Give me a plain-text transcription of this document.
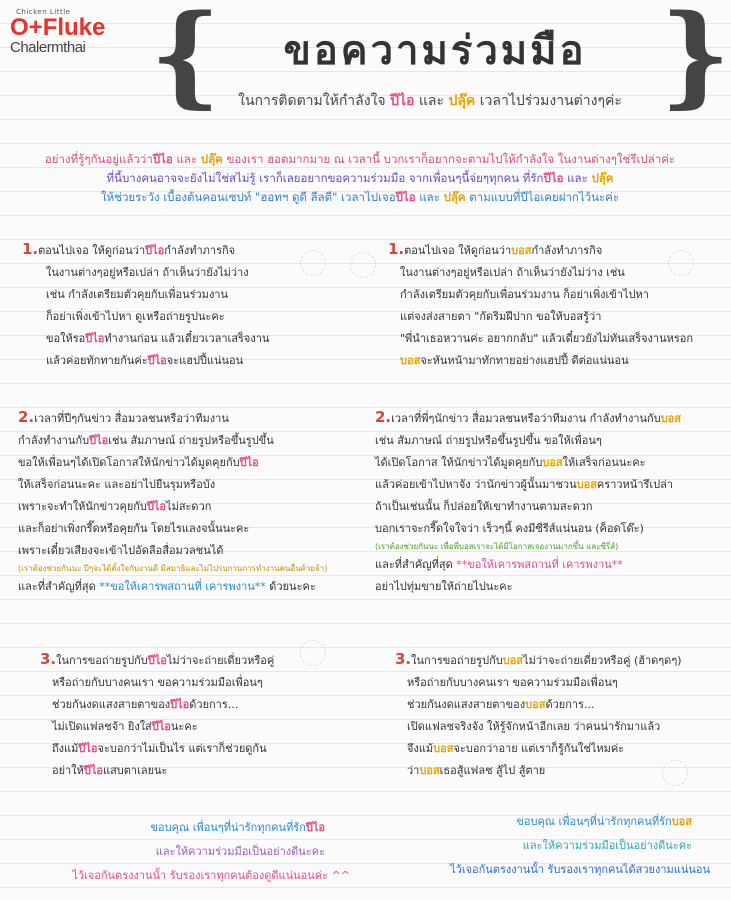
Chicken Little
O+Fluke
Chalermthai {	}
ขอความร่วมมือ
ในการติดตามให้กำลังใจ ปีไอ และ ปลุ๊ค เวลาไปร่วมงานต่างๆค่ะ
อย่างที่รู้ๆกันอยู่แล้วว่าปีไอ และ ปลุ๊ค ของเรา ฮอตมากมาย ณ เวลานี้ บวกเราก็อยากจะตามไปให้กำลังใจ ในงานต่างๆใช่รึเปล่าค่ะ
ที่นี้บางคนอาจจะยังไม่ใช่สไม่รู้ เราก็เลยอยากขอความร่วมมือ จากเพื่อนๆนี้จ่ยๆทุกคน ที่รักปีไอ และ ปลุ๊ค
ให้ช่วยระวัง เบื้องต้นคอนเซปท์ "ฮอทฯ ดูดี ลีลตี" เวลาไปเจอปีไอ และ ปลุ๊ค ตามแบบที่ปีไอเคยฝากไว้นะค่ะ
1.ตอนไปเจอ ให้ดูก่อนว่าปีไอกำลังทำภารกิจ
ในงานต่างๆอยู่หรือเปล่า ถ้าเห็นว่ายังไม่ว่าง
เช่น กำลังเตรียมตัวคุยกับเพื่อนร่วมงาน
ก็อย่าเพิ่งเข้าไปหา ดูเหรือถ่ายรูปนะคะ
ขอให้รอปีไอทำงานก่อน แล้วเดี๋ยวเวลาเสร็จงาน
แล้วค่อยทักทายกันค่ะปีไอจะแฮปปี้แน่นอน
2.เวลาที่ปีๆกันข่าว สื่อมวลชนหรือว่าทีมงาน
กำลังทำงานกับปีไอเช่น สัมภาษณ์ ถ่ายรูปหรือขึ้นรูปขึ้น
ขอให้เพื่อนๆได้เปิดโอกาสให้นักข่าวได้มูดคุยกับปีไอ
ให้เสร็จก่อนนะคะ และอย่าไปยืนรุมหรือบัง
เพราะจะทำให้นักข่าวคุยกับปีไอไม่สะดวก
และก็อย่าเพิ่งกรี๊ดหรือคุยกัน โดยไรแลงจนั้นนะคะ
เพราะเดี๋ยวเสียงจะเข้าไปอัดลือสื่อมวลชนได้
(เราต้องช่วยกันนะ ปีๆจะได้ตั้งใจกับงานดี มีสมาธิและไม่ไปรบกวนการทำงานคนอื่นด้วยจ้า)
และที่สำคัญที่สุด **ขอให้เคารพสถานที่ เคารพงาน** ด้วยนะคะ
3.ในการขอถ่ายรูปกับปีไอไม่ว่าจะถ่ายเดี่ยวหรือคู่
หรือถ่ายกับบางคนเรา ขอความร่วมมือเพื่อนๆ
ช่วยกันงดแสงสายตาของปีไอด้วยการ...
ไม่เปิดแฟลชจ้า ยิงใส่ปีไอนะคะ
ถึงแม้ปีไอจะบอกว่าไม่เป็นไร แต่เราก็ช่วยดูกัน
อย่าให้ปีไอแสบตาเลยนะ
ขอบคุณ เพื่อนๆที่น่ารักทุกคนที่รักปีไอ
และให้ความร่วมมือเป็นอย่างดีนะคะ
ไว้เจอกันตรงงานนั้า รับรองเราทุกคนต้องดูดีแน่นอนค่ะ ^^
1.ตอนไปเจอ ให้ดูก่อนว่าบอสกำลังทำภารกิจ
ในงานต่างๆอยู่หรือเปล่า ถ้าเห็นว่ายังไม่ว่าง เช่น
กำลังเตรียมตัวคุยกับเพื่อนร่วมงาน ก็อย่าเพิ่งเข้าไปหา
แต่จงส่งสายตา "กัดริมฝีปาก ขอให้บอสรู้ว่า
"พี่นำเธอหวานค่ะ อยากกลับ" แล้วเดี๋ยวยังไม่ทันเสร็จงานหรอก
บอสจะหันหน้ามาทักทายอย่างแฮปปี้ ดีต่อแน่นอน
2.เวลาที่พี่ๆนักข่าว สื่อมวลชนหรือว่าทีมงาน กำลังทำงานกับบอส
เช่น สัมภาษณ์ ถ่ายรูปหรือขึ้นรูปขึ้น ขอให้เพื่อนๆ
ได้เปิดโอกาส ให้นักข่าวได้มูดคุยกับบอสให้เสร็จก่อนนะคะ
แล้วค่อยเข้าไปหาจัง ว่านักข่าวผู้นั้นมาชวนบอสคราวหน้ารึเปล่า
ถ้าเป็นเช่นนั้น ก็ปล่อยให้เขาทำงานตามสะดวก
บอกเราจะกรี๊ดใจใจว่า เร็วๆนี้ คงมีซีรีส์แน่นอน (ค็อดโด๊ะ)
(เราต้องช่วยกันนะ เพื่อพี่บอสเราจะได้มีโอกาสเจองานมากขึ้น และซีรี่ส์)
และที่สำคัญที่สุด **ขอให้เคารพสถานที่ เคารพงาน**
อย่าไปทุ่มขายให้ถ่ายไปนะคะ
3.ในการขอถ่ายรูปกับบอสไม่ว่าจะถ่ายเดี่ยวหรือคู่ (ฮ้าดๆดๆ)
หรือถ่ายกับบางคนเรา ขอความร่วมมือเพื่อนๆ
ช่วยกันงดแสงสายตาของบอสด้วยการ...
เปิดแฟลชจริงจัง ให้รู้จักหน้าอีกเลย ว่าคนน่ารักมาแล้ว
จึงแม้บอสจะบอกว่าอาย แต่เราก็รู้กันใช่ไหมค่ะ
ว่าบอสเธอสู้แฟลช สู้ไป สู้ตาย
ขอบคุณ เพื่อนๆที่น่ารักทุกคนที่รักบอส
และให้ความร่วมมือเป็นอย่างดีนะคะ
ไว้เจอกันตรงงานนั้า รับรองเราทุกคนได้สวยงามแน่นอน
